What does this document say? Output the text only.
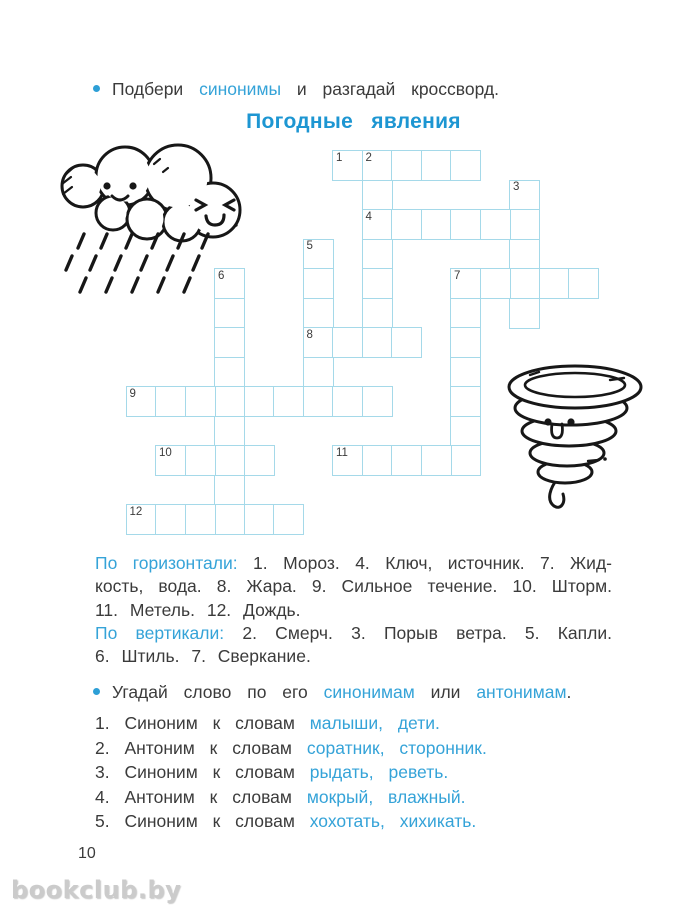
Подбери синонимы и разгадай кроссворд.
Погодные явления
1 2
4
3
5
8
6	7
9
10	11
12
По горизонтали: 1. Мороз. 4. Ключ, источник. 7. Жид-
кость, вода. 8. Жара. 9. Сильное течение. 10. Шторм.
11. Метель. 12. Дождь.
По вертикали: 2. Смерч. 3. Порыв ветра. 5. Капли.
6. Штиль. 7. Сверкание.
Угадай слово по его синонимам или антонимам.
1. Синоним к словам малыши, дети.
2. Антоним к словам соратник, сторонник.
3. Синоним к словам рыдать, реветь.
4. Антоним к словам мокрый, влажный.
5. Синоним к словам хохотать, хихикать.
10
bookclub.by
